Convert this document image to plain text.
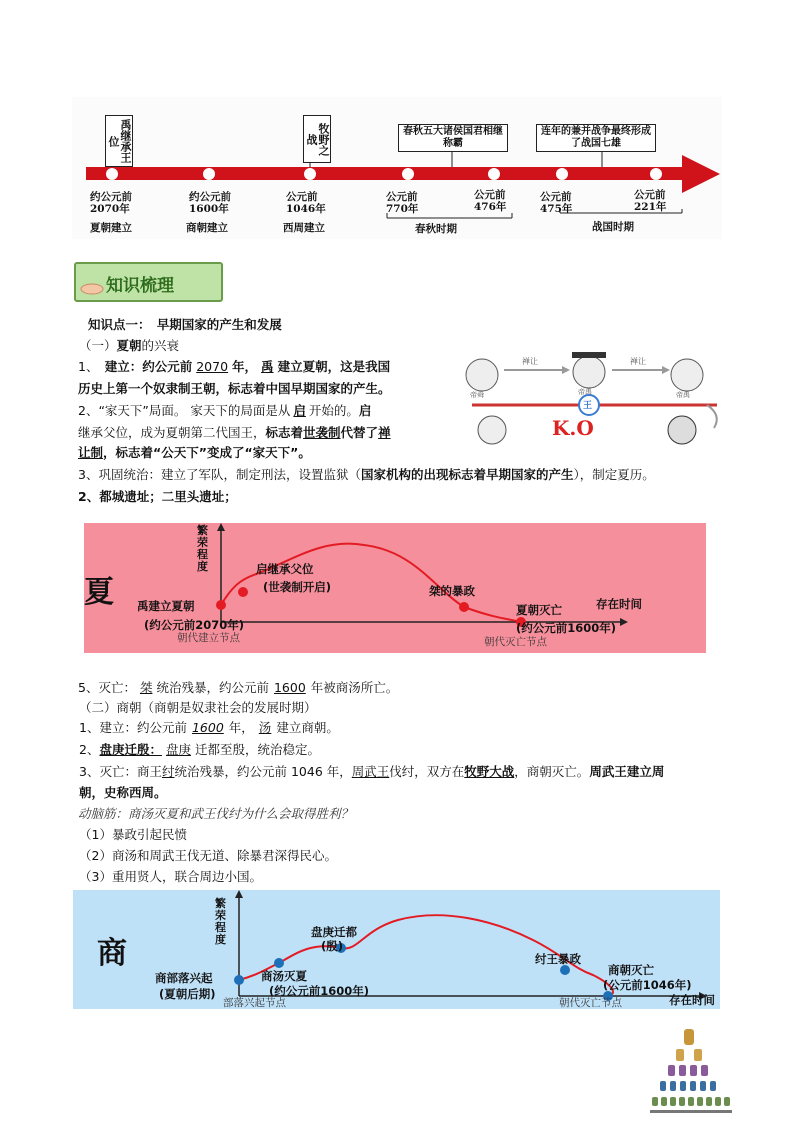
禹继承王位	牧野之战
春秋五大诸侯国君相继称霸
连年的兼并战争最终形成了战国七雄
约公元前
2070年
约公元前
1600年
公元前
1046年
公元前
770年
公元前
476年
公元前
475年
公元前
221年
夏朝建立	商朝建立	西周建立	春秋时期	战国时期
知识梳理
知识点一：　早期国家的产生和发展
（一）夏朝的兴衰
1、　建立：约公元前 2070 年， 禹 建立夏朝，这是我国
历史上第一个奴隶制王朝，标志着中国早期国家的产生。
2、“家天下”局面。 家天下的局面是从 启 开始的。启
继承父位，成为夏朝第二代国王，标志着世袭制代替了禅
让制，标志着“公天下”变成了“家天下”。
3、巩固统治：建立了军队，制定刑法，设置监狱（国家机构的出现标志着早期国家的产生），制定夏历。
2、都城遗址；二里头遗址；
禅让	禅让
王
K.O
帝舜	帝禹	帝禹
夏
繁荣程度
存在时间
禹建立夏朝
(约公元前2070年)
启继承父位
(世袭制开启)	桀的暴政
夏朝灭亡
(约公元前1600年)
朝代建立节点	朝代灭亡节点
5、灭亡： 桀 统治残暴，约公元前 1600 年被商汤所亡。
（二）商朝（商朝是奴隶社会的发展时期）
1、建立：约公元前 1600 年， 汤 建立商朝。
2、盘庚迁殷： 盘庚 迁都至殷，统治稳定。
3、灭亡：商王纣统治残暴，约公元前 1046 年，周武王伐纣，双方在牧野大战，商朝灭亡。周武王建立周
朝，史称西周。
动脑筋：商汤灭夏和武王伐纣为什么会取得胜利？
（1）暴政引起民愤
（2）商汤和周武王伐无道、除暴君深得民心。
（3）重用贤人，联合周边小国。
商
繁荣程度
存在时间
商部落兴起
(夏朝后期)
商汤灭夏
(约公元前1600年)
盘庚迁都
(殷)
纣王暴政
商朝灭亡
(公元前1046年)
部落兴起节点	朝代灭亡节点
